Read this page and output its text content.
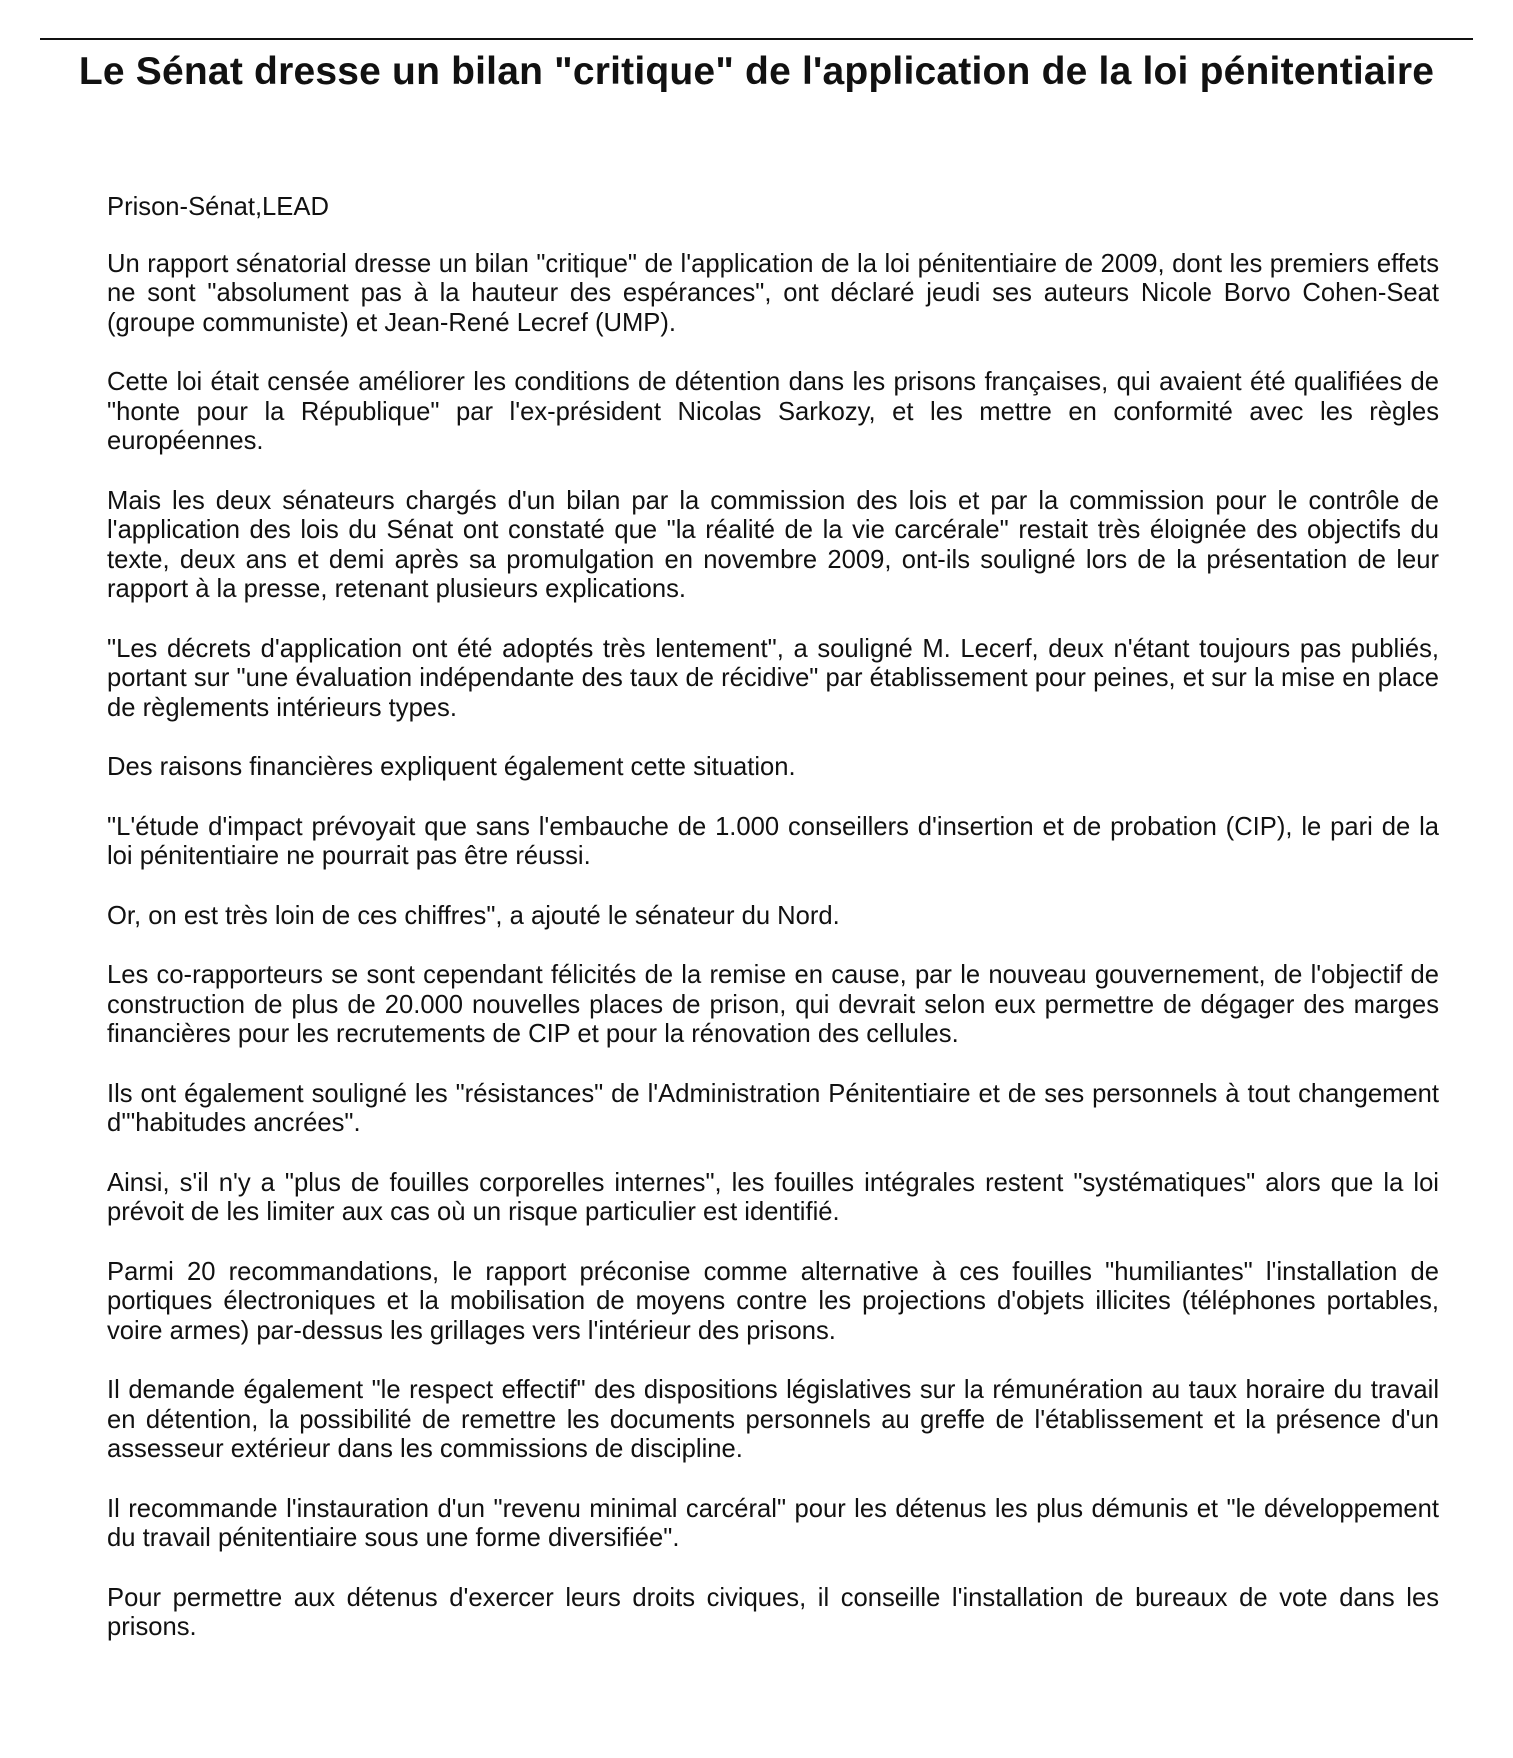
Le Sénat dresse un bilan "critique" de l'application de la loi pénitentiaire

Prison-Sénat,LEAD

Un rapport sénatorial dresse un bilan "critique" de l'application de la loi pénitentiaire de 2009, dont les premiers effets ne sont "absolument pas à la hauteur des espérances", ont déclaré jeudi ses auteurs Nicole Borvo Cohen-Seat (groupe communiste) et Jean-René Lecref (UMP).

Cette loi était censée améliorer les conditions de détention dans les prisons françaises, qui avaient été qualifiées de "honte pour la République" par l'ex-président Nicolas Sarkozy, et les mettre en conformité avec les règles européennes.

Mais les deux sénateurs chargés d'un bilan par la commission des lois et par la commission pour le contrôle de l'application des lois du Sénat ont constaté que "la réalité de la vie carcérale" restait très éloignée des objectifs du texte, deux ans et demi après sa promulgation en novembre 2009, ont-ils souligné lors de la présentation de leur rapport à la presse, retenant plusieurs explications.

"Les décrets d'application ont été adoptés très lentement", a souligné M. Lecerf, deux n'étant toujours pas publiés, portant sur "une évaluation indépendante des taux de récidive" par établissement pour peines, et sur la mise en place de règlements intérieurs types.

Des raisons financières expliquent également cette situation.

"L'étude d'impact prévoyait que sans l'embauche de 1.000 conseillers d'insertion et de probation (CIP), le pari de la loi pénitentiaire ne pourrait pas être réussi.

Or, on est très loin de ces chiffres", a ajouté le sénateur du Nord.

Les co-rapporteurs se sont cependant félicités de la remise en cause, par le nouveau gouvernement, de l'objectif de construction de plus de 20.000 nouvelles places de prison, qui devrait selon eux permettre de dégager des marges financières pour les recrutements de CIP et pour la rénovation des cellules.

Ils ont également souligné les "résistances" de l'Administration Pénitentiaire et de ses personnels à tout changement d'"habitudes ancrées".

Ainsi, s'il n'y a "plus de fouilles corporelles internes", les fouilles intégrales restent "systématiques" alors que la loi prévoit de les limiter aux cas où un risque particulier est identifié.

Parmi 20 recommandations, le rapport préconise comme alternative à ces fouilles "humiliantes" l'installation de portiques électroniques et la mobilisation de moyens contre les projections d'objets illicites (téléphones portables, voire armes) par-dessus les grillages vers l'intérieur des prisons.

Il demande également "le respect effectif" des dispositions législatives sur la rémunération au taux horaire du travail en détention, la possibilité de remettre les documents personnels au greffe de l'établissement et la présence d'un assesseur extérieur dans les commissions de discipline.

Il recommande l'instauration d'un "revenu minimal carcéral" pour les détenus les plus démunis et "le développement du travail pénitentiaire sous une forme diversifiée".

Pour permettre aux détenus d'exercer leurs droits civiques, il conseille l'installation de bureaux de vote dans les prisons.
